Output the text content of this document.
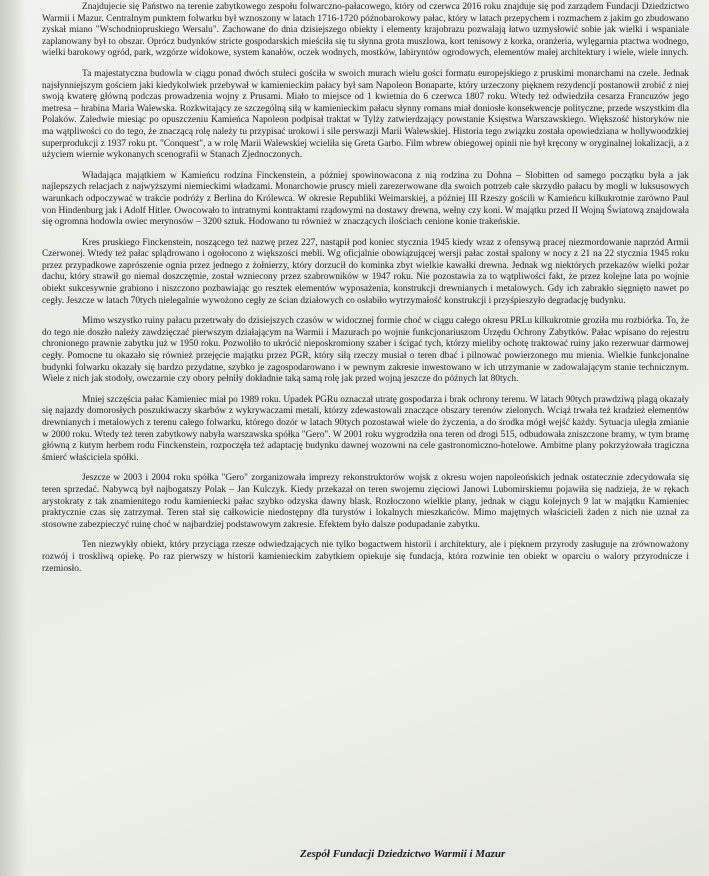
Znajdujecie się Państwo na terenie zabytkowego zespołu folwarczno-pałacowego, który od czerwca 2016 roku znajduje się pod zarządem Fundacji Dziedzictwo Warmii i Mazur. Centralnym punktem folwarku był wznoszony w latach 1716-1720 późnobarokowy pałac, który w latach przepychem i rozmachem z jakim go zbudowano zyskał miano "Wschodniopruskiego Wersalu". Zachowane do dnia dzisiejszego obiekty i elementy krajobrazu pozwalają łatwo uzmysłowić sobie jak wielki i wspaniale zaplanowany był to obszar. Oprócz budynków stricte gospodarskich mieściła się tu słynna grota muszlowa, kort tenisowy z korka, oranżeria, wylęgarnia ptactwa wodnego, wielki barokowy ogród, park, wzgórze widokowe, system kanałów, oczek wodnych, mostków, labiryntów ogrodowych, elementów małej architektury i wiele, wiele innych.

Ta majestatyczna budowla w ciągu ponad dwóch stuleci gościła w swoich murach wielu gości formatu europejskiego z pruskimi monarchami na czele. Jednak najsłynniejszym gościem jaki kiedykolwiek przebywał w kamienieckim pałacy był sam Napoleon Bonaparte, który urzeczony pięknem rezydencji postanowił zrobić z niej swoją kwaterę główną podczas prowadzenia wojny z Prusami. Miało to miejsce od 1 kwietnia do 6 czerwca 1807 roku. Wtedy też odwiedziła cesarza Francuzów jego metresa – hrabina Maria Walewska. Rozkwitający ze szczególną siłą w kamienieckim pałacu słynny romans miał doniosłe konsekwencje polityczne, przede wszystkim dla Polaków. Zaledwie miesiąc po opuszczeniu Kamieńca Napoleon podpisał traktat w Tylży zatwierdzający powstanie Księstwa Warszawskiego. Większość historyków nie ma wątpliwości co do tego, że znaczącą rolę należy tu przypisać urokowi i sile perswazji Marii Walewskiej. Historia tego związku została opowiedziana w hollywoodzkiej superprodukcji z 1937 roku pt. "Conquest", a w rolę Marii Walewskiej wcieliła się Greta Garbo. Film wbrew obiegowej opinii nie był kręcony w oryginalnej lokalizacji, a z użyciem wiernie wykonanych scenografii w Stanach Zjednoczonych.

Władająca majątkiem w Kamieńcu rodzina Finckenstein, a później spowinowacona z nią rodzina zu Dohna – Slobitten od samego początku była a jak najlepszych relacjach z najwyższymi niemieckimi władzami. Monarchowie pruscy mieli zarezerwowane dla swoich potrzeb całe skrzydło pałacu by mogli w luksusowych warunkach odpoczywać w trakcie podróży z Berlina do Królewca. W okresie Republiki Weimarskiej, a później III Rzeszy gościli w Kamieńcu kilkukrotnie zarówno Paul von Hindenburg jak i Adolf Hitler. Owocowało to intratnymi kontraktami rządowymi na dostawy drewna, wełny czy koni. W majątku przed II Wojną Światową znajdowała się ogromna hodowla owiec merynosów – 3200 sztuk. Hodowano tu również w znaczących ilościach cenione konie trakeńskie.

Kres pruskiego Finckenstein, noszącego też nazwę przez 227, nastąpił pod koniec stycznia 1945 kiedy wraz z ofensywą pracej niezmordowanie naprzód Armii Czerwonej. Wtedy też pałac splądrowano i ogołocono z większości mebli. Wg oficjalnie obowiązującej wersji pałac został spalony w nocy z 21 na 22 stycznia 1945 roku przez przypadkowe zaprószenie ognia przez jednego z żołnierzy, który dorzucił do kominka zbyt wielkie kawałki drewna. Jednak wg niektórych przekazów wielki pożar dachu, który strawił go niemal doszczętnie, został wzniecony przez szabrowników w 1947 roku. Nie pozostawia za to wątpliwości fakt, że przez kolejne lata po wojnie obiekt sukcesywnie grabiono i niszczono pozbawiając go resztek elementów wyposażenia, konstrukcji drewnianych i metalowych. Gdy ich zabrakło sięgnięto nawet po cegły. Jeszcze w latach 70tych nielegalnie wywożono cegły ze ścian działowych co osłabiło wytrzymałość konstrukcji i przyśpieszyło degradację budynku.

Mimo wszystko ruiny pałacu przetrwały do dzisiejszych czasów w widocznej formie choć w ciągu całego okresu PRLu kilkukrotnie groziła mu rozbiórka. To, że do tego nie doszło należy zawdzięczać pierwszym działającym na Warmii i Mazurach po wojnie funkcjonariuszom Urzędu Ochrony Zabytków. Pałac wpisano do rejestru chronionego prawnie zabytku już w 1950 roku. Pozwoliło to ukrócić nieposkromiony szaber i ścigać tych, którzy mieliby ochotę traktować ruiny jako rezerwuar darmowej cegły. Pomocne tu okazało się również przejęcie majątku przez PGR, który siłą rzeczy musiał o teren dbać i pilnować powierzonego mu mienia. Wielkie funkcjonalne budynki folwarku okazały się bardzo przydatne, szybko je zagospodarowano i w pewnym zakresie inwestowano w ich utrzymanie w zadowalającym stanie technicznym. Wiele z nich jak stodoły, owczarnie czy obory pełniły dokładnie taką samą rolę jak przed wojną jeszcze do późnych lat 80tych.

Mniej szczęścia pałac Kamieniec miał po 1989 roku. Upadek PGRu oznaczał utratę gospodarza i brak ochrony terenu. W latach 90tych prawdziwą plagą okazały się najazdy domorosłych poszukiwaczy skarbów z wykrywaczami metali, którzy zdewastowali znaczące obszary terenów zielonych. Wciąż trwała też kradzież elementów drewnianych i metalowych z terenu całego folwarku, którego dozór w latach 90tych pozostawał wiele do życzenia, a do środka mógł wejść każdy. Sytuacja uległa zmianie w 2000 roku. Wtedy też teren zabytkowy nabyła warszawska spółka "Gero". W 2001 roku wygrodziła ona teren od drogi 515, odbudowała zniszczone bramy, w tym bramę główną z kutym herbem rodu Finckenstein, rozpoczęła też adaptację budynku dawnej wozowni na cele gastronomiczno-hotelowe. Ambitne plany pokrzyżowała tragiczna śmierć właściciela spółki.

Jeszcze w 2003 i 2004 roku spółka "Gero" zorganizowała imprezy rekonstruktorów wojsk z okresu wojen napoleońskich jednak ostatecznie zdecydowała się teren sprzedać. Nabywcą był najbogatszy Polak – Jan Kulczyk. Kiedy przekazał on teren swojemu zięciowi Janowi Lubomirskiemu pojawiła się nadzieja, że w rękach arystokraty z tak znamienitego rodu kamieniecki pałac szybko odzyska dawny blask. Rozłoczono wielkie plany, jednak w ciągu kolejnych 9 lat w majątku Kamieniec praktycznie czas się zatrzymał. Teren stał się całkowicie niedostępny dla turystów i lokalnych mieszkańców. Mimo majętnych właścicieli żaden z nich nie uznał za stosowne zabezpieczyć ruinę choć w najbardziej podstawowym zakresie. Efektem było dalsze podupadanie zabytku.

Ten niezwykły obiekt, który przyciąga rzesze odwiedzających nie tylko bogactwem historii i architektury, ale i pięknem przyrody zasługuje na zrównoważony rozwój i troskliwą opiekę. Po raz pierwszy w historii kamienieckim zabytkiem opiekuje się fundacja, która rozwinie ten obiekt w oparciu o walory przyrodnicze i rzemiosło.

Zespół Fundacji Dziedzictwo Warmii i Mazur
